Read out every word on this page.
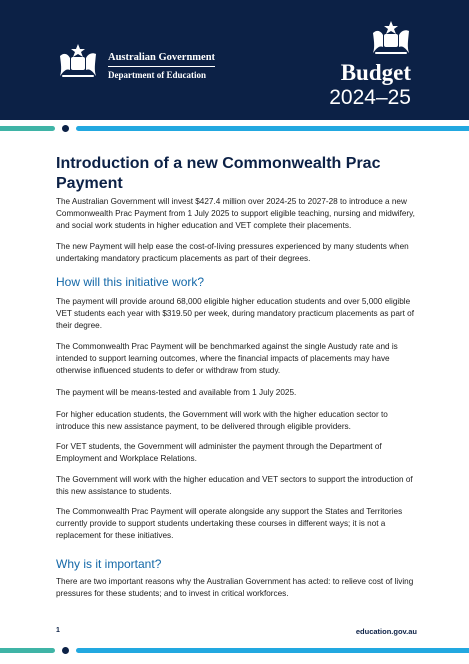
Australian Government
Department of Education	Budget
2024–25
Introduction of a new Commonwealth Prac Payment

The Australian Government will invest $427.4 million over 2024-25 to 2027-28 to introduce a new Commonwealth Prac Payment from 1 July 2025 to support eligible teaching, nursing and midwifery, and social work students in higher education and VET complete their placements.

The new Payment will help ease the cost-of-living pressures experienced by many students when undertaking mandatory practicum placements as part of their degrees.

How will this initiative work?

The payment will provide around 68,000 eligible higher education students and over 5,000 eligible VET students each year with $319.50 per week, during mandatory practicum placements as part of their degree.

The Commonwealth Prac Payment will be benchmarked against the single Austudy rate and is intended to support learning outcomes, where the financial impacts of placements may have otherwise influenced students to defer or withdraw from study.

The payment will be means-tested and available from 1 July 2025.

For higher education students, the Government will work with the higher education sector to introduce this new assistance payment, to be delivered through eligible providers.

For VET students, the Government will administer the payment through the Department of Employment and Workplace Relations.

The Government will work with the higher education and VET sectors to support the introduction of this new assistance to students.

The Commonwealth Prac Payment will operate alongside any support the States and Territories currently provide to support students undertaking these courses in different ways; it is not a replacement for these initiatives.

Why is it important?

There are two important reasons why the Australian Government has acted: to relieve cost of living pressures for these students; and to invest in critical workforces.

1	education.gov.au
